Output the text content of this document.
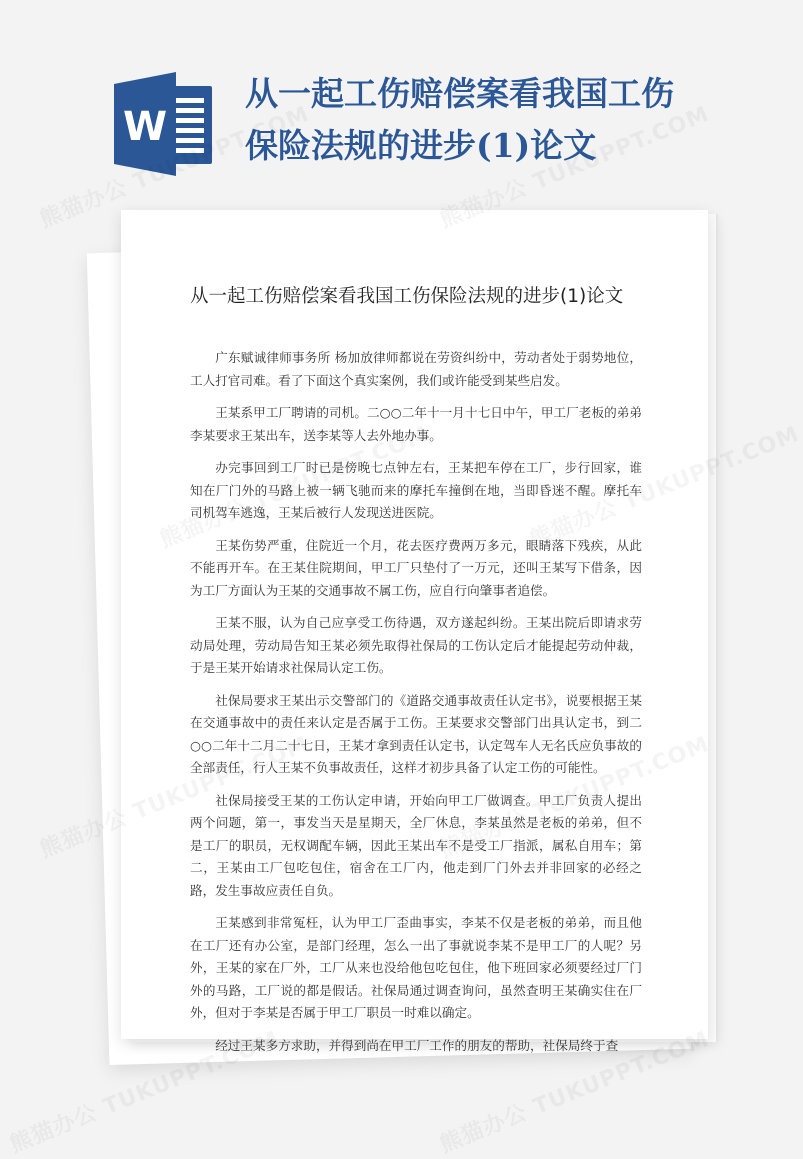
W
从一起工伤赔偿案看我国工伤保险法规的进步(1)论文
从一起工伤赔偿案看我国工伤保险法规的进步(1)论文

广东赋诚律师事务所 杨加放律师都说在劳资纠纷中，劳动者处于弱势地位，工人打官司难。看了下面这个真实案例，我们或许能受到某些启发。

王某系甲工厂聘请的司机。二○○二年十一月十七日中午，甲工厂老板的弟弟李某要求王某出车，送李某等人去外地办事。

办完事回到工厂时已是傍晚七点钟左右，王某把车停在工厂，步行回家，谁知在厂门外的马路上被一辆飞驰而来的摩托车撞倒在地，当即昏迷不醒。摩托车司机驾车逃逸，王某后被行人发现送进医院。

王某伤势严重，住院近一个月，花去医疗费两万多元，眼睛落下残疾，从此不能再开车。在王某住院期间，甲工厂只垫付了一万元，还叫王某写下借条，因为工厂方面认为王某的交通事故不属工伤，应自行向肇事者追偿。

王某不服，认为自己应享受工伤待遇，双方遂起纠纷。王某出院后即请求劳动局处理，劳动局告知王某必须先取得社保局的工伤认定后才能提起劳动仲裁，于是王某开始请求社保局认定工伤。

社保局要求王某出示交警部门的《道路交通事故责任认定书》，说要根据王某在交通事故中的责任来认定是否属于工伤。王某要求交警部门出具认定书，到二○○二年十二月二十七日，王某才拿到责任认定书，认定驾车人无名氏应负事故的全部责任，行人王某不负事故责任，这样才初步具备了认定工伤的可能性。

社保局接受王某的工伤认定申请，开始向甲工厂做调查。甲工厂负责人提出两个问题，第一，事发当天是星期天，全厂休息，李某虽然是老板的弟弟，但不是工厂的职员，无权调配车辆，因此王某出车不是受工厂指派，属私自用车；第二，王某由工厂包吃包住，宿舍在工厂内，他走到厂门外去并非回家的必经之路，发生事故应责任自负。

王某感到非常冤枉，认为甲工厂歪曲事实，李某不仅是老板的弟弟，而且他在工厂还有办公室，是部门经理，怎么一出了事就说李某不是甲工厂的人呢？另外，王某的家在厂外，工厂从来也没给他包吃包住，他下班回家必须要经过厂门外的马路，工厂说的都是假话。社保局通过调查询问，虽然查明王某确实住在厂外，但对于李某是否属于甲工厂职员一时难以确定。

经过王某多方求助，并得到尚在甲工厂工作的朋友的帮助，社保局终于查
